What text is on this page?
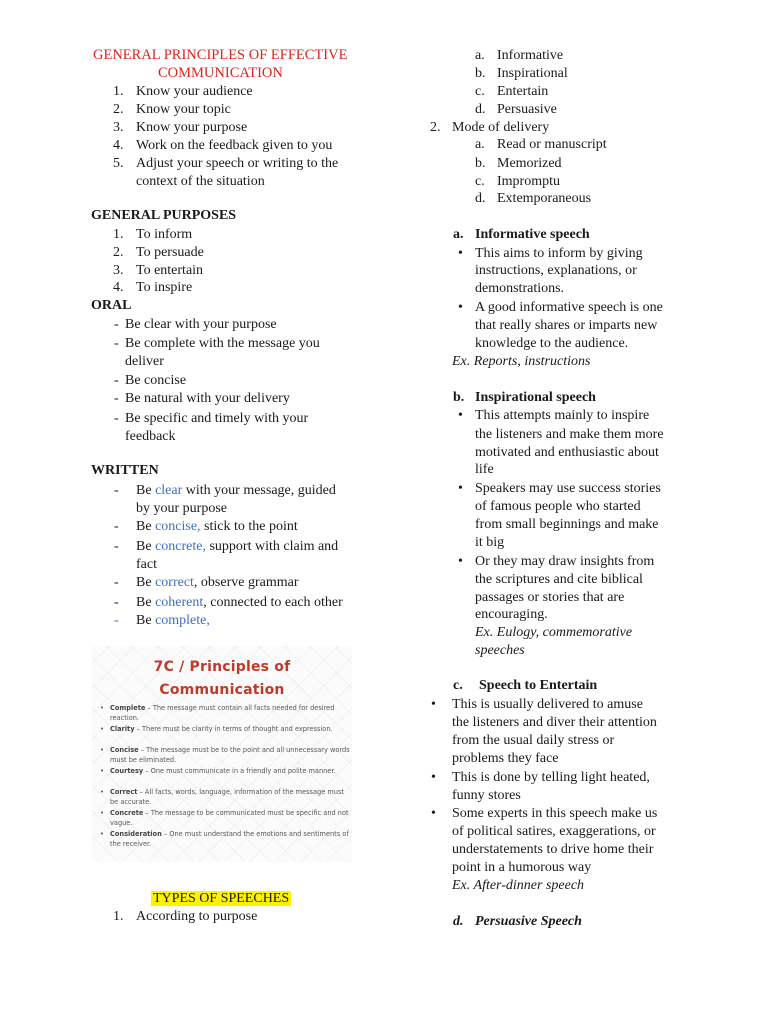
GENERAL PRINCIPLES OF EFFECTIVE
COMMUNICATION
1. Know your audience
2. Know your topic
3. Know your purpose
4. Work on the feedback given to you
5. Adjust your speech or writing to the
context of the situation
GENERAL PURPOSES
1. To inform
2. To persuade
3. To entertain
4. To inspire
ORAL
- Be clear with your purpose
- Be complete with the message you
deliver
- Be concise
- Be natural with your delivery
- Be specific and timely with your
feedback
WRITTEN
- Be clear with your message, guided
by your purpose
- Be concise, stick to the point
- Be concrete, support with claim and
fact
- Be correct, observe grammar
- Be coherent, connected to each other
- Be complete,
7C / Principles of
Communication
• Complete – The message must contain all facts needed for desired reaction.
• Clarity – There must be clarity in terms of thought and expression.
• Concise – The message must be to the point and all unnecessary words must be eliminated.
• Courtesy – One must communicate in a friendly and polite manner.
• Correct – All facts, words, language, information of the message must be accurate.
• Concrete – The message to be communicated must be specific and not vague.
• Consideration – One must understand the emotions and sentiments of the receiver.
TYPES OF SPEECHES
1. According to purpose
a. Informative
b. Inspirational
c. Entertain
d. Persuasive
2. Mode of delivery
a. Read or manuscript
b. Memorized
c. Impromptu
d. Extemporaneous
a. Informative speech
• This aims to inform by giving
instructions, explanations, or
demonstrations.
• A good informative speech is one
that really shares or imparts new
knowledge to the audience.
Ex. Reports, instructions
b. Inspirational speech
• This attempts mainly to inspire
the listeners and make them more
motivated and enthusiastic about
life
• Speakers may use success stories
of famous people who started
from small beginnings and make
it big
• Or they may draw insights from
the scriptures and cite biblical
passages or stories that are
encouraging.
Ex. Eulogy, commemorative
speeches
c. Speech to Entertain
• This is usually delivered to amuse
the listeners and diver their attention
from the usual daily stress or
problems they face
• This is done by telling light heated,
funny stores
• Some experts in this speech make us
of political satires, exaggerations, or
understatements to drive home their
point in a humorous way
Ex. After-dinner speech
d. Persuasive Speech
